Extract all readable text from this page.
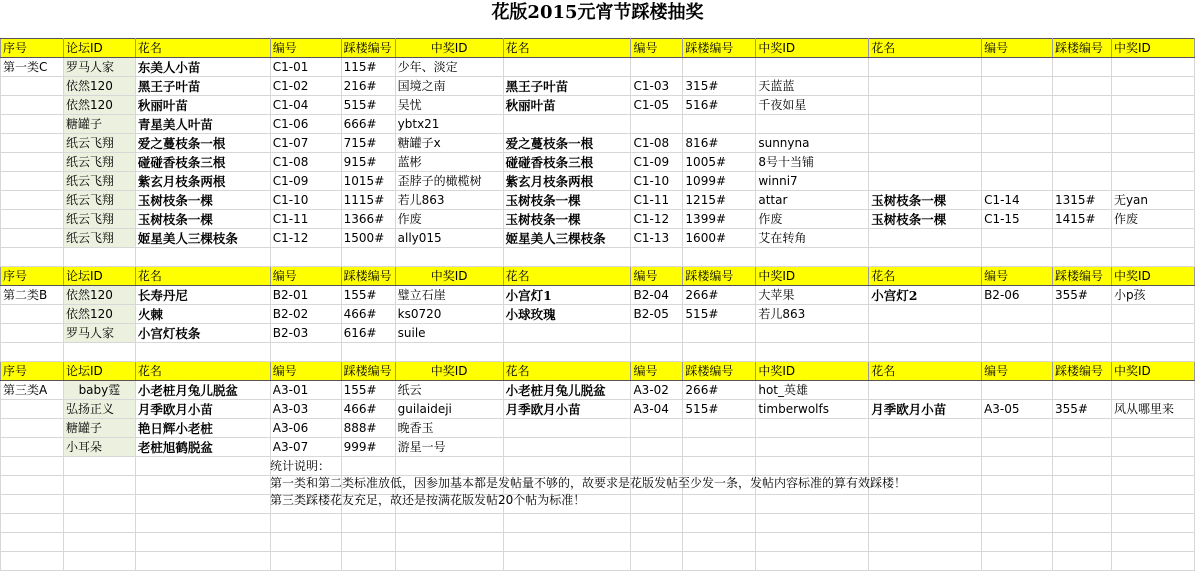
花版2015元宵节踩楼抽奖
序号	论坛ID	花名	编号	踩楼编号	中奖ID	花名	编号	踩楼编号	中奖ID	花名	编号	踩楼编号	中奖ID
第一类C	罗马人家	东美人小苗	C1-01	115#	少年、淡定								
	依然120	黑王子叶苗	C1-02	216#	国境之南	黑王子叶苗	C1-03	315#	天蓝蓝				
	依然120	秋丽叶苗	C1-04	515#	吴忧	秋丽叶苗	C1-05	516#	千夜如星				
	糖罐子	青星美人叶苗	C1-06	666#	ybtx21								
	纸云飞翔	爱之蔓枝条一根	C1-07	715#	糖罐子x	爱之蔓枝条一根	C1-08	816#	sunnyna				
	纸云飞翔	碰碰香枝条三根	C1-08	915#	蓝彬	碰碰香枝条三根	C1-09	1005#	8号十当铺				
	纸云飞翔	紫玄月枝条两根	C1-09	1015#	歪脖子的橄榄树	紫玄月枝条两根	C1-10	1099#	winni7				
	纸云飞翔	玉树枝条一棵	C1-10	1115#	若儿863	玉树枝条一棵	C1-11	1215#	attar	玉树枝条一棵	C1-14	1315#	无yan
	纸云飞翔	玉树枝条一棵	C1-11	1366#	作废	玉树枝条一棵	C1-12	1399#	作废	玉树枝条一棵	C1-15	1415#	作废
	纸云飞翔	姬星美人三棵枝条	C1-12	1500#	ally015	姬星美人三棵枝条	C1-13	1600#	艾在转角				

序号	论坛ID	花名	编号	踩楼编号	中奖ID	花名	编号	踩楼编号	中奖ID	花名	编号	踩楼编号	中奖ID
第二类B	依然120	长寿丹尼	B2-01	155#	璧立石崖	小宫灯1	B2-04	266#	大苹果	小宫灯2	B2-06	355#	小p孩
	依然120	火棘	B2-02	466#	ks0720	小球玫瑰	B2-05	515#	若儿863				
	罗马人家	小宫灯枝条	B2-03	616#	suile								

序号	论坛ID	花名	编号	踩楼编号	中奖ID	花名	编号	踩楼编号	中奖ID	花名	编号	踩楼编号	中奖ID
第三类A	baby霆	小老桩月兔儿脱盆	A3-01	155#	纸云	小老桩月兔儿脱盆	A3-02	266#	hot_英雄				
	弘扬正义	月季欧月小苗	A3-03	466#	guilaideji	月季欧月小苗	A3-04	515#	timberwolfs	月季欧月小苗	A3-05	355#	风从哪里来
	糖罐子	艳日辉小老桩	A3-06	888#	晚香玉								
	小耳朵	老桩旭鹤脱盆	A3-07	999#	游星一号								

统计说明：
第一类和第二类标准放低，因参加基本都是发帖量不够的，故要求是花版发帖至少发一条，发帖内容标准的算有效踩楼！
第三类踩楼花友充足，故还是按满花版发帖20个帖为标准！
